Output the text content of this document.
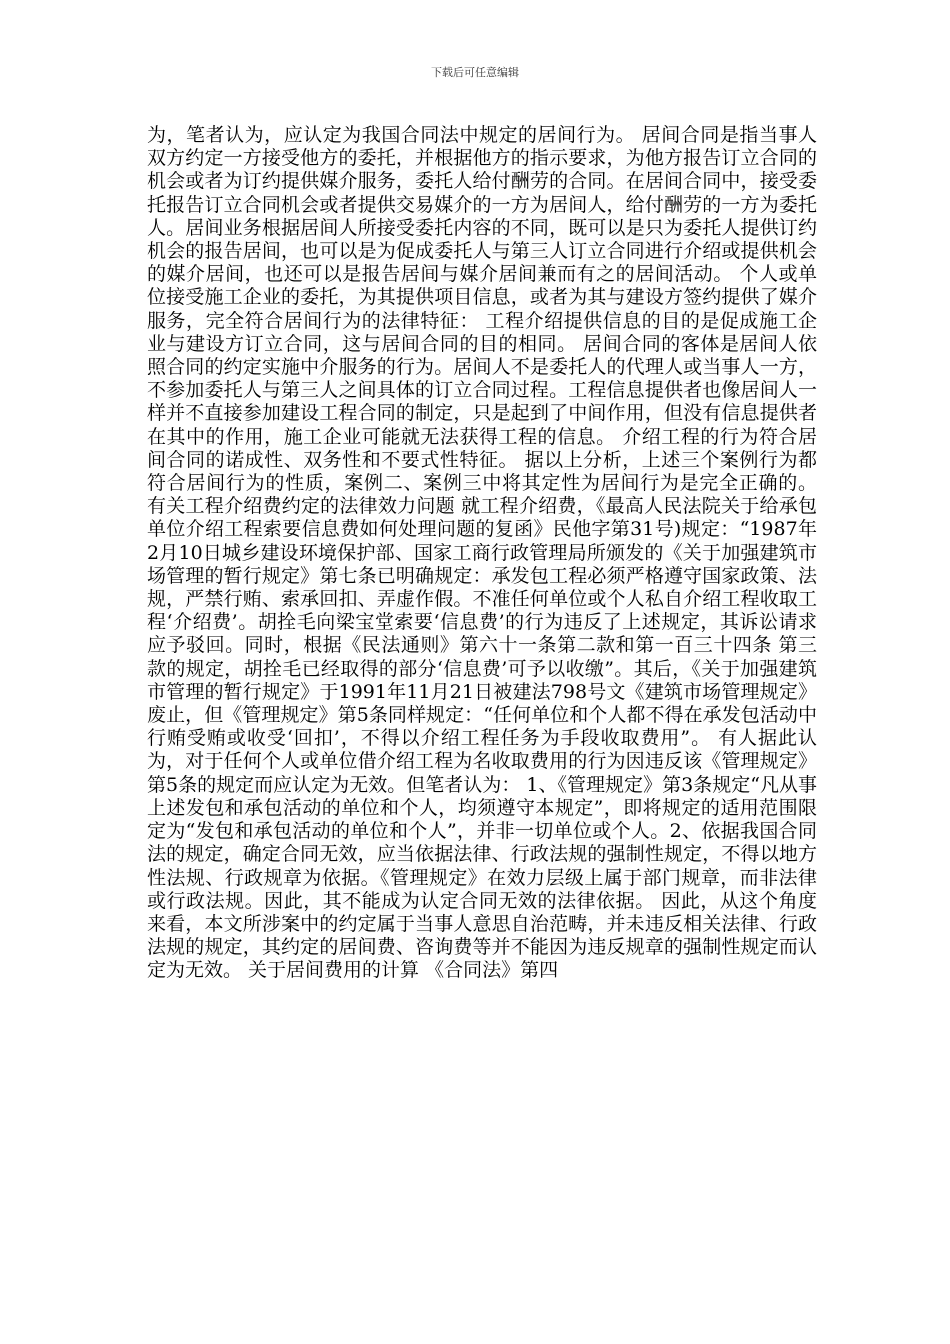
下载后可任意编辑

为，笔者认为，应认定为我国合同法中规定的居间行为。 居间合同是指当事人双方约定一方接受他方的委托，并根据他方的指示要求，为他方报告订立合同的机会或者为订约提供媒介服务，委托人给付酬劳的合同。在居间合同中，接受委托报告订立合同机会或者提供交易媒介的一方为居间人，给付酬劳的一方为委托人。居间业务根据居间人所接受委托内容的不同，既可以是只为委托人提供订约机会的报告居间，也可以是为促成委托人与第三人订立合同进行介绍或提供机会的媒介居间，也还可以是报告居间与媒介居间兼而有之的居间活动。 个人或单位接受施工企业的委托，为其提供项目信息，或者为其与建设方签约提供了媒介服务，完全符合居间行为的法律特征： 工程介绍提供信息的目的是促成施工企业与建设方订立合同，这与居间合同的目的相同。 居间合同的客体是居间人依照合同的约定实施中介服务的行为。居间人不是委托人的代理人或当事人一方，不参加委托人与第三人之间具体的订立合同过程。工程信息提供者也像居间人一样并不直接参加建设工程合同的制定，只是起到了中间作用，但没有信息提供者在其中的作用，施工企业可能就无法获得工程的信息。 介绍工程的行为符合居间合同的诺成性、双务性和不要式性特征。 据以上分析，上述三个案例行为都符合居间行为的性质，案例二、案例三中将其定性为居间行为是完全正确的。 有关工程介绍费约定的法律效力问题 就工程介绍费，《最高人民法院关于给承包单位介绍工程索要信息费如何处理问题的复函》民他字第31号)规定：“1987年2月10日城乡建设环境保护部、国家工商行政管理局所颁发的《关于加强建筑市场管理的暂行规定》第七条已明确规定：承发包工程必须严格遵守国家政策、法规，严禁行贿、索承回扣、弄虚作假。不准任何单位或个人私自介绍工程收取工程‘介绍费’。胡拴毛向梁宝堂索要‘信息费’的行为违反了上述规定，其诉讼请求应予驳回。同时，根据《民法通则》第六十一条第二款和第一百三十四条 第三款的规定，胡拴毛已经取得的部分‘信息费’可予以收缴”。其后，《关于加强建筑市管理的暂行规定》于1991年11月21日被建法798号文《建筑市场管理规定》废止，但《管理规定》第5条同样规定：“任何单位和个人都不得在承发包活动中行贿受贿或收受‘回扣’，不得以介绍工程任务为手段收取费用”。 有人据此认为，对于任何个人或单位借介绍工程为名收取费用的行为因违反该《管理规定》第5条的规定而应认定为无效。但笔者认为： 1、《管理规定》第3条规定“凡从事上述发包和承包活动的单位和个人，均须遵守本规定”，即将规定的适用范围限定为“发包和承包活动的单位和个人”，并非一切单位或个人。2、依据我国合同法的规定，确定合同无效，应当依据法律、行政法规的强制性规定，不得以地方性法规、行政规章为依据。《管理规定》在效力层级上属于部门规章，而非法律或行政法规。因此，其不能成为认定合同无效的法律依据。 因此，从这个角度来看，本文所涉案中的约定属于当事人意思自治范畴，并未违反相关法律、行政法规的规定，其约定的居间费、咨询费等并不能因为违反规章的强制性规定而认定为无效。 关于居间费用的计算 《合同法》第四
